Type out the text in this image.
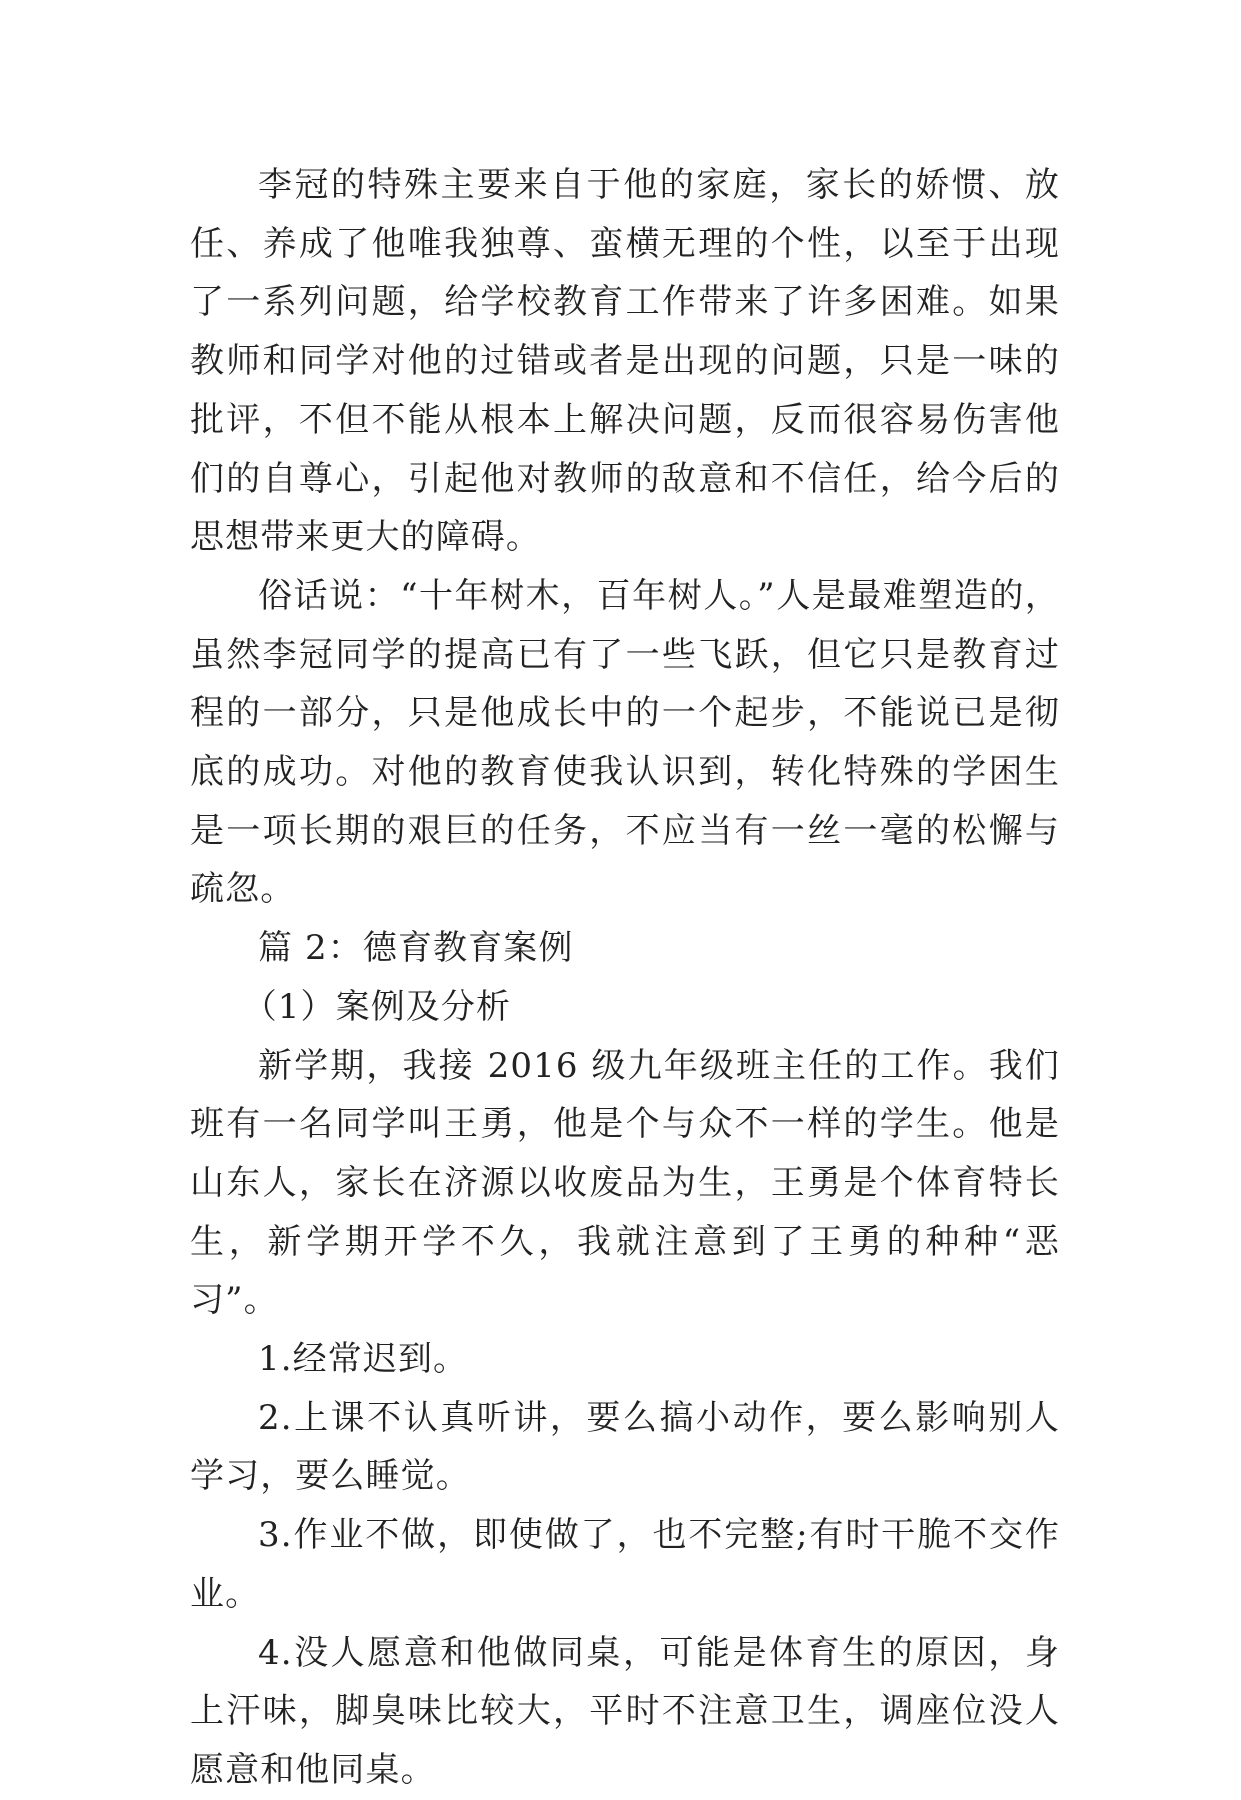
李冠的特殊主要来自于他的家庭，家长的娇惯、放任、养成了他唯我独尊、蛮横无理的个性，以至于出现了一系列问题，给学校教育工作带来了许多困难。如果教师和同学对他的过错或者是出现的问题，只是一味的批评，不但不能从根本上解决问题，反而很容易伤害他们的自尊心，引起他对教师的敌意和不信任，给今后的思想带来更大的障碍。

俗话说：“十年树木，百年树人。”人是最难塑造的，虽然李冠同学的提高已有了一些飞跃，但它只是教育过程的一部分，只是他成长中的一个起步，不能说已是彻底的成功。对他的教育使我认识到，转化特殊的学困生是一项长期的艰巨的任务，不应当有一丝一毫的松懈与疏忽。

篇 2：德育教育案例

（1）案例及分析

新学期，我接 2016 级九年级班主任的工作。我们班有一名同学叫王勇，他是个与众不一样的学生。他是山东人，家长在济源以收废品为生，王勇是个体育特长生，新学期开学不久，我就注意到了王勇的种种“恶习”。

1.经常迟到。

2.上课不认真听讲，要么搞小动作，要么影响别人学习，要么睡觉。

3.作业不做，即使做了，也不完整;有时干脆不交作业。

4.没人愿意和他做同桌，可能是体育生的原因，身上汗味，脚臭味比较大，平时不注意卫生，调座位没人愿意和他同桌。
